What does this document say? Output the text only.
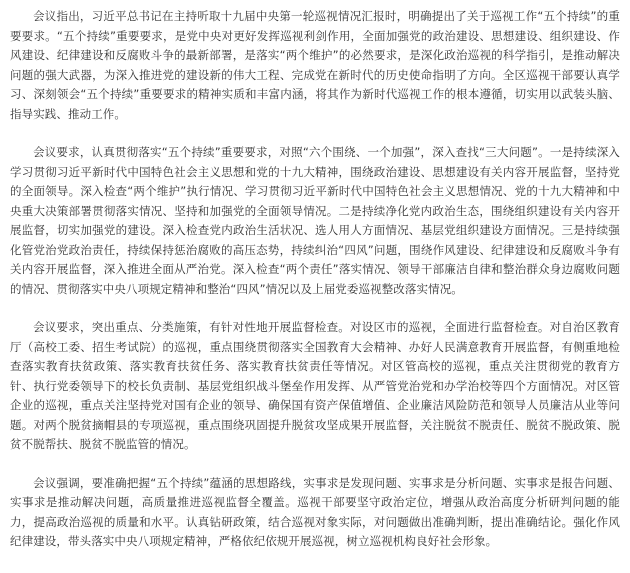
会议指出，习近平总书记在主持听取十九届中央第一轮巡视情况汇报时，明确提出了关于巡视工作“五个持续”的重要要求。“五个持续”重要要求，是党中央对更好发挥巡视利剑作用，全面加强党的政治建设、思想建设、组织建设、作风建设、纪律建设和反腐败斗争的最新部署，是落实“两个维护”的必然要求，是深化政治巡视的科学指引，是推动解决问题的强大武器，为深入推进党的建设新的伟大工程、完成党在新时代的历史使命指明了方向。全区巡视干部要认真学习、深刻领会“五个持续”重要要求的精神实质和丰富内涵，将其作为新时代巡视工作的根本遵循，切实用以武装头脑、指导实践、推动工作。

会议要求，认真贯彻落实“五个持续”重要要求，对照“六个围绕、一个加强”，深入查找“三大问题”。一是持续深入学习贯彻习近平新时代中国特色社会主义思想和党的十九大精神，围绕政治建设、思想建设有关内容开展监督，坚持党的全面领导。深入检查“两个维护”执行情况、学习贯彻习近平新时代中国特色社会主义思想情况、党的十九大精神和中央重大决策部署贯彻落实情况、坚持和加强党的全面领导情况。二是持续净化党内政治生态，围绕组织建设有关内容开展监督，切实加强党的建设。深入检查党内政治生活状况、选人用人方面情况、基层党组织建设方面情况。三是持续强化管党治党政治责任，持续保持惩治腐败的高压态势，持续纠治“四风”问题，围绕作风建设、纪律建设和反腐败斗争有关内容开展监督，深入推进全面从严治党。深入检查“两个责任”落实情况、领导干部廉洁自律和整治群众身边腐败问题的情况、贯彻落实中央八项规定精神和整治“四风”情况以及上届党委巡视整改落实情况。

会议要求，突出重点、分类施策，有针对性地开展监督检查。对设区市的巡视，全面进行监督检查。对自治区教育厅（高校工委、招生考试院）的巡视，重点围绕贯彻落实全国教育大会精神、办好人民满意教育开展监督，有侧重地检查落实教育扶贫政策、落实教育扶贫任务、落实教育扶贫责任等情况。对区管高校的巡视，重点关注贯彻党的教育方针、执行党委领导下的校长负责制、基层党组织战斗堡垒作用发挥、从严管党治党和办学治校等四个方面情况。对区管企业的巡视，重点关注坚持党对国有企业的领导、确保国有资产保值增值、企业廉洁风险防范和领导人员廉洁从业等问题。对两个脱贫摘帽县的专项巡视，重点围绕巩固提升脱贫攻坚成果开展监督，关注脱贫不脱责任、脱贫不脱政策、脱贫不脱帮扶、脱贫不脱监管的情况。

会议强调，要准确把握“五个持续”蕴涵的思想路线，实事求是发现问题、实事求是分析问题、实事求是报告问题、实事求是推动解决问题，高质量推进巡视监督全覆盖。巡视干部要坚守政治定位，增强从政治高度分析研判问题的能力，提高政治巡视的质量和水平。认真钻研政策，结合巡视对象实际，对问题做出准确判断，提出准确结论。强化作风纪律建设，带头落实中央八项规定精神，严格依纪依规开展巡视，树立巡视机构良好社会形象。
